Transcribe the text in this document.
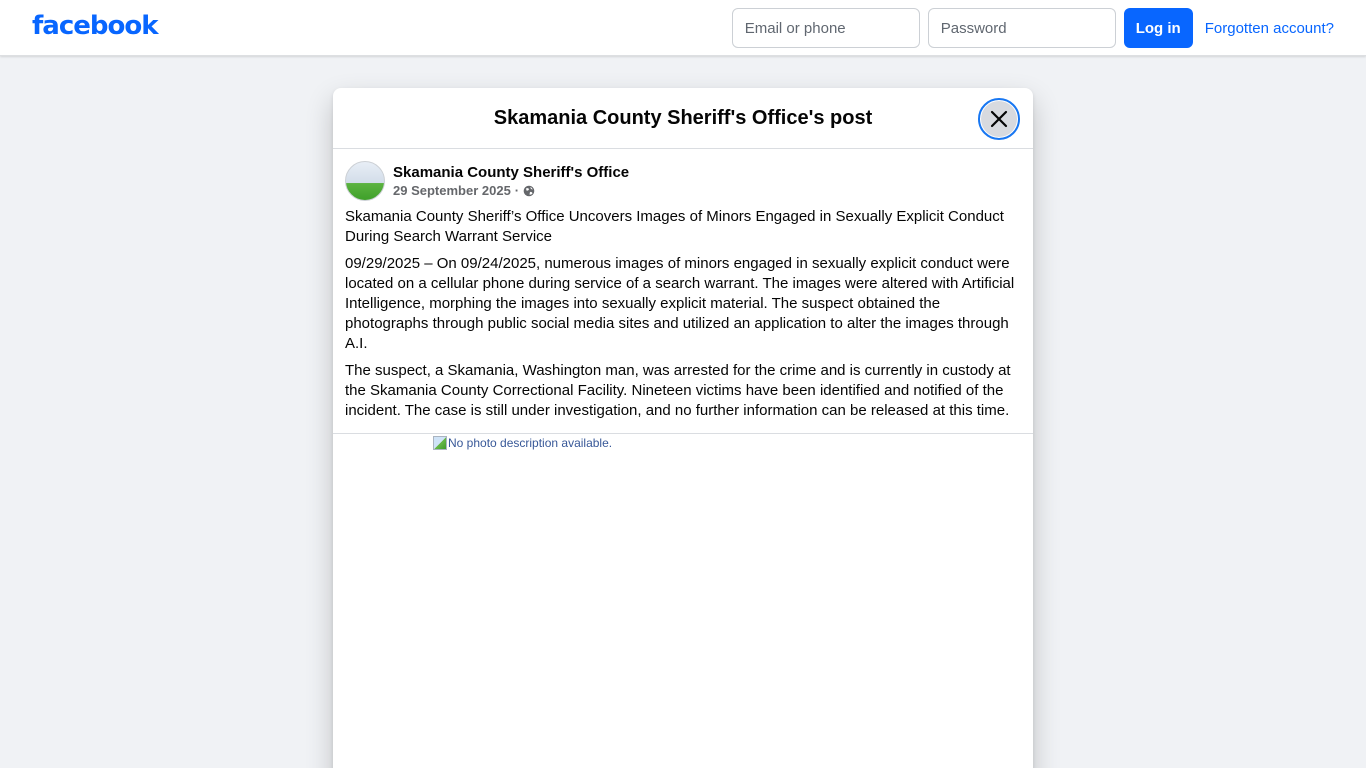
facebook
Email or phone	Log in	Forgotten account?
Skamania County Sheriff's Office's post
Skamania County Sheriff's Office
29 September 2025 ·

Skamania County Sheriff’s Office Uncovers Images of Minors Engaged in Sexually Explicit Conduct During Search Warrant Service

09/29/2025 – On 09/24/2025, numerous images of minors engaged in sexually explicit conduct were located on a cellular phone during service of a search warrant. The images were altered with Artificial Intelligence, morphing the images into sexually explicit material. The suspect obtained the photographs through public social media sites and utilized an application to alter the images through A.I.

The suspect, a Skamania, Washington man, was arrested for the crime and is currently in custody at the Skamania County Correctional Facility. Nineteen victims have been identified and notified of the incident. The case is still under investigation, and no further information can be released at this time.

No photo description available.
